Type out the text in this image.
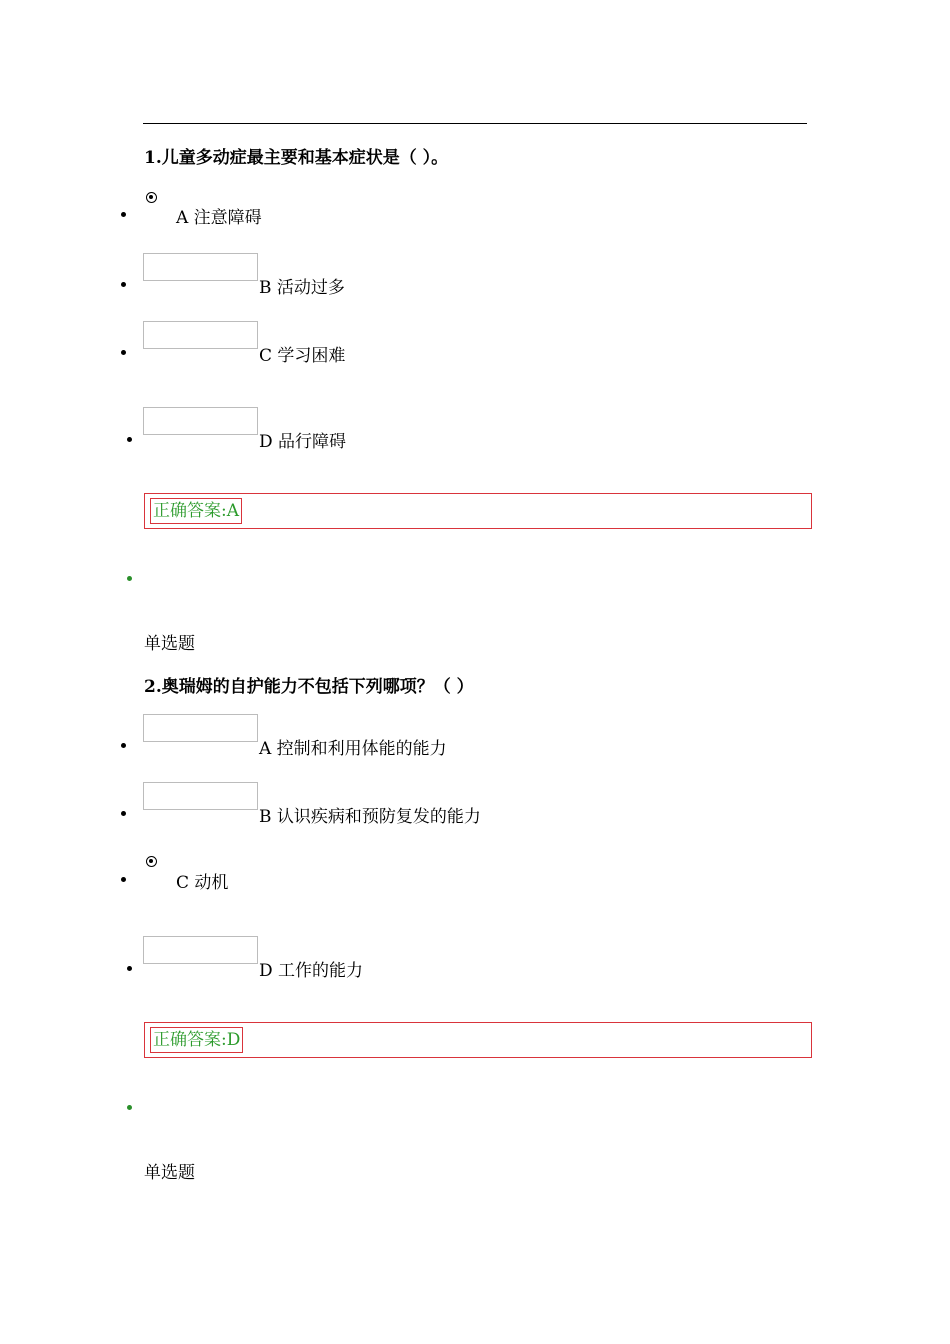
1.儿童多动症最主要和基本症状是（ ）。
A 注意障碍
B 活动过多
C 学习困难
D 品行障碍
正确答案:A
单选题
2.奥瑞姆的自护能力不包括下列哪项？（ ）
A 控制和利用体能的能力
B 认识疾病和预防复发的能力
C 动机
D 工作的能力
正确答案:D
单选题
